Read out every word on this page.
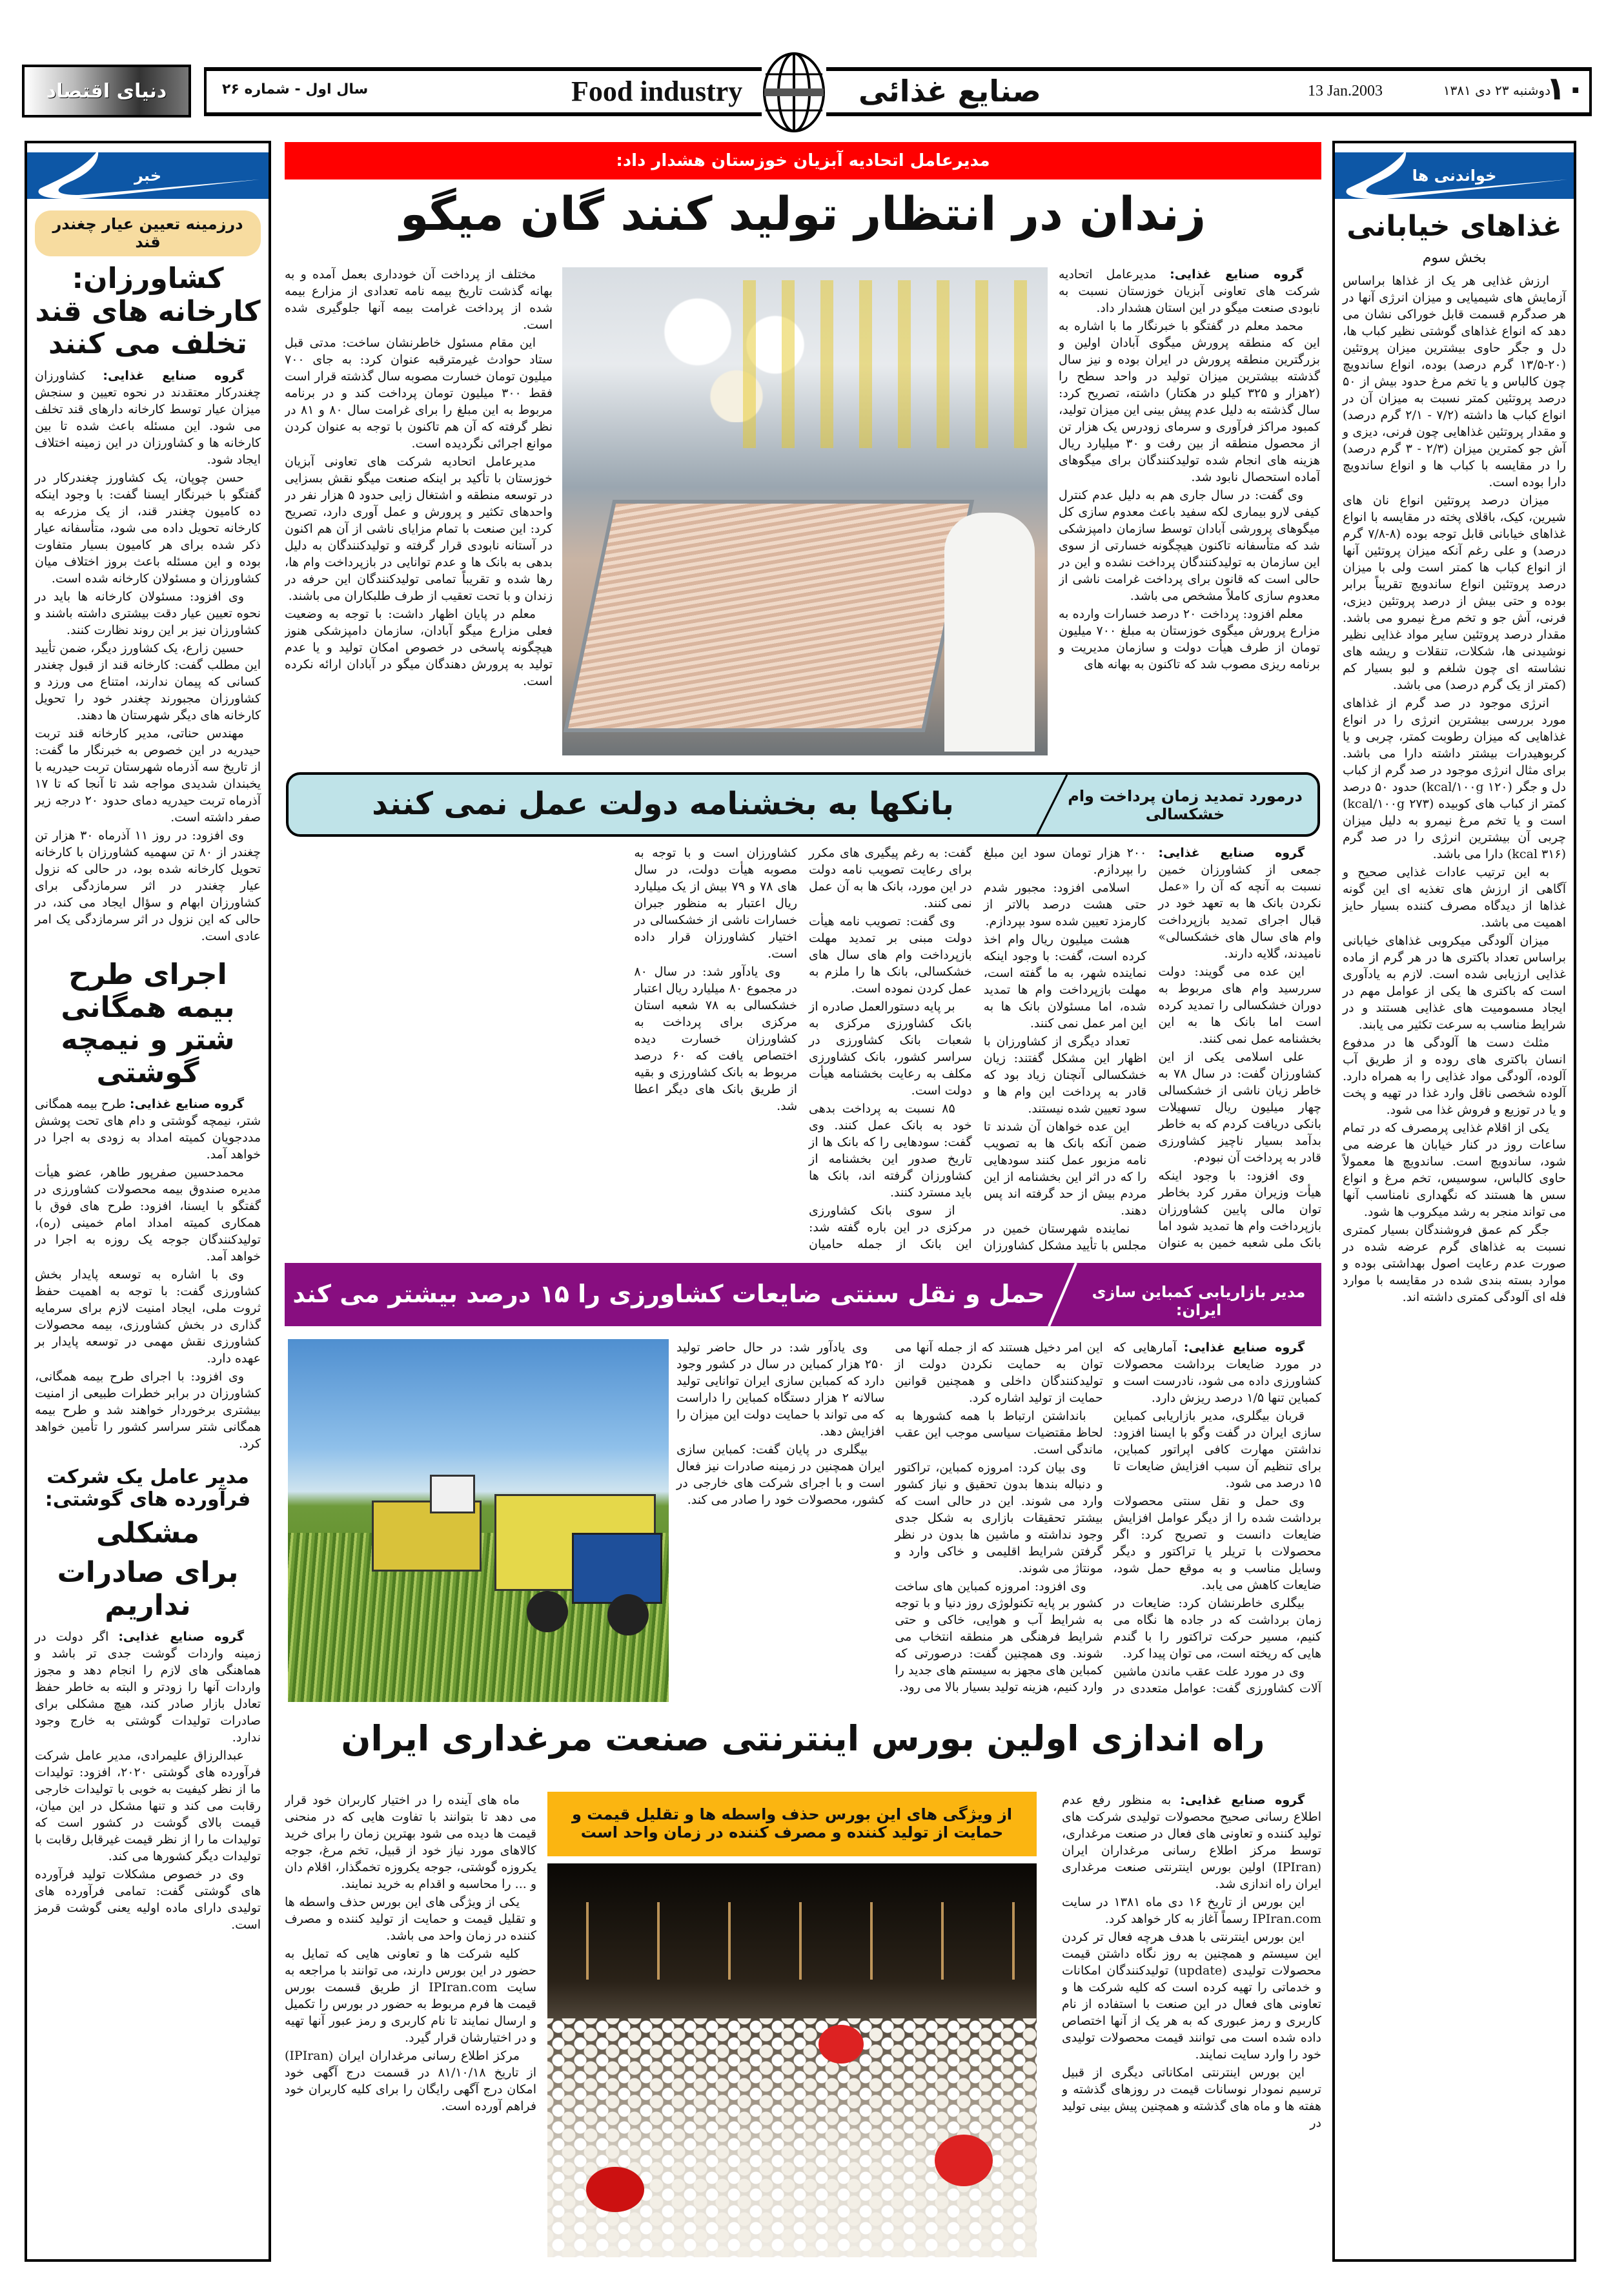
دنیای اقتصاد	سال اول - شماره ۲۶	Food industry	صنایع غذائی	13 Jan.2003	دوشنبه ۲۳ دی ۱۳۸۱
۱۰
خبر
درزمینه تعیین عیار چغندر قند
کشاورزان: کارخانه های قند تخلف می کنند

گروه صنایع غذایی: کشاورزان چغندرکار معتقدند در نحوه تعیین و سنجش میزان عیار توسط کارخانه دارهای قند تخلف می شود. این مسئله باعث شده تا بین کارخانه ها و کشاورزان در این زمینه اختلاف ایجاد شود.

حسن چوپان، یک کشاورز چغندرکار در گفتگو با خبرنگار ایسنا گفت: با وجود اینکه ده کامیون چغندر قند، از یک مزرعه به کارخانه تحویل داده می شود، متأسفانه عیار ذکر شده برای هر کامیون بسیار متفاوت بوده و این مسئله باعث بروز اختلاف میان کشاورزان و مسئولان کارخانه شده است.

وی افزود: مسئولان کارخانه ها باید در نحوه تعیین عیار دقت بیشتری داشته باشند و کشاورزان نیز بر این روند نظارت کنند.

حسین زارع، یک کشاورز دیگر، ضمن تأیید این مطلب گفت: کارخانه قند از قبول چغندر کسانی که پیمان ندارند، امتناع می ورزد و کشاورزان مجبورند چغندر خود را تحویل کارخانه های دیگر شهرستان ها دهند.

مهندس حناتی، مدیر کارخانه قند تربت حیدریه در این خصوص به خبرنگار ما گفت: از تاریخ سه آذرماه شهرستان تربت حیدریه با یخبندان شدیدی مواجه شد تا آنجا که تا ۱۷ آذرماه تربت حیدریه دمای حدود ۲۰ درجه زیر صفر داشته است.

وی افزود: در روز ۱۱ آذرماه ۳۰ هزار تن چغندر از ۸۰ تن سهمیه کشاورزان با کارخانه تحویل کارخانه شده بود، در حالی که نزول عیار چغندر در اثر سرمازدگی برای کشاورزان ابهام و سؤال ایجاد می کند، در حالی که این نزول در اثر سرمازدگی یک امر عادی است.

اجرای طرح بیمه همگانی شتر و نیمچه گوشتی

گروه صنایع غذایی: طرح بیمه همگانی شتر، نیمچه گوشتی و دام های تحت پوشش مددجویان کمیته امداد به زودی به اجرا در خواهد آمد.

محمدحسین صفرپور طاهر، عضو هیأت مدیره صندوق بیمه محصولات کشاورزی در گفتگو با ایسنا، افزود: طرح های فوق با همکاری کمیته امداد امام خمینی (ره)، تولیدکنندگان جوجه یک روزه به اجرا در خواهد آمد.

وی با اشاره به توسعه پایدار بخش کشاورزی گفت: با توجه به اهمیت حفظ ثروت ملی، ایجاد امنیت لازم برای سرمایه گذاری در بخش کشاورزی، بیمه محصولات کشاورزی نقش مهمی در توسعه پایدار بر عهده دارد.

وی افزود: با اجرای طرح بیمه همگانی، کشاورزان در برابر خطرات طبیعی از امنیت بیشتری برخوردار خواهند شد و طرح بیمه همگانی شتر سراسر کشور را تأمین خواهد کرد.

مدیر عامل یک شرکت فرآورده های گوشتی:
مشکلی
برای صادرات نداریم

گروه صنایع غذایی: اگر دولت در زمینه واردات گوشت جدی تر باشد و هماهنگی های لازم را انجام دهد و مجوز واردات آنها را زودتر و البته به خاطر حفظ تعادل بازار صادر کند، هیچ مشکلی برای صادرات تولیدات گوشتی به خارج وجود ندارد.

عبدالرزاق علیمرادی، مدیر عامل شرکت فرآورده های گوشتی ۲۰۲۰، افزود: تولیدات ما از نظر کیفیت به خوبی با تولیدات خارجی رقابت می کند و تنها مشکل در این میان، قیمت بالای گوشت در کشور است که تولیدات ما را از نظر قیمت غیرقابل رقابت با تولیدات دیگر کشورها می کند.

وی در خصوص مشکلات تولید فرآورده های گوشتی گفت: تمامی فرآورده های تولیدی دارای ماده اولیه یعنی گوشت قرمز است.

خواندنی ها
غذاهای خیابانی
بخش سوم

ارزش غذایی هر یک از غذاها براساس آزمایش های شیمیایی و میزان انرژی آنها در هر صدگرم قسمت قابل خوراکی نشان می دهد که انواع غذاهای گوشتی نظیر کباب ها، دل و جگر حاوی بیشترین میزان پروتئین (۲۰-۱۳/۵ گرم درصد) بوده، انواع ساندویچ چون کالباس و یا تخم مرغ حدود بیش از ۵۰ درصد پروتئین کمتر نسبت به میزان آن در انواع کباب ها داشته (۷/۲ - ۲/۱ گرم درصد) و مقدار پروتئین غذاهایی چون فرنی، دیزی و آش جو کمترین میزان (۲/۳ - ۳ گرم درصد) را در مقایسه با کباب ها و انواع ساندویچ دارا بوده است.

میزان درصد پروتئین انواع نان های شیرین، کیک، باقلای پخته در مقایسه با انواع غذاهای خیابانی قابل توجه بوده (۸-۷/۸ گرم درصد) و علی رغم آنکه میزان پروتئین آنها از انواع کباب ها کمتر است ولی با میزان درصد پروتئین انواع ساندویچ تقریباً برابر بوده و حتی بیش از درصد پروتئین دیزی، فرنی، آش جو و تخم مرغ نیمرو می باشد. مقدار درصد پروتئین سایر مواد غذایی نظیر نوشیدنی ها، شکلات، تنقلات و ریشه های نشاسته ای چون شلغم و لبو بسیار کم (کمتر از یک گرم درصد) می باشد.

انرژی موجود در صد گرم از غذاهای مورد بررسی بیشترین انرژی را در انواع غذاهایی که میزان رطوبت کمتر، چربی و یا کربوهیدرات بیشتر داشته دارا می باشد. برای مثال انرژی موجود در صد گرم از کباب دل و جگر (۱۲۰ kcal/۱۰۰g) حدود ۵۰ درصد کمتر از کباب های کوبیده (۲۷۳ kcal/۱۰۰g) است و یا تخم مرغ نیمرو به دلیل میزان چربی آن بیشترین انرژی را در صد گرم (۳۱۶ kcal) دارا می باشد.

به این ترتیب عادات غذایی صحیح و آگاهی از ارزش های تغذیه ای این گونه غذاها از دیدگاه مصرف کننده بسیار حایز اهمیت می باشد.

میزان آلودگی میکروبی غذاهای خیابانی براساس تعداد باکتری ها در هر گرم از ماده غذایی ارزیابی شده است. لازم به یادآوری است که باکتری ها یکی از عوامل مهم در ایجاد مسمومیت های غذایی هستند و در شرایط مناسب به سرعت تکثیر می یابند.

مثلث دست ها آلودگی ها در مدفوع انسان باکتری های روده و از طریق آب آلوده، آلودگی مواد غذایی را به همراه دارد. آلوده شخصی ناقل وارد غذا در تهیه و پخت و یا در توزیع و فروش غذا می شود.

یکی از اقلام غذایی پرمصرف که در تمام ساعات روز در کنار خیابان ها عرضه می شود، ساندویچ است. ساندویچ ها معمولاً حاوی کالباس، سوسیس، تخم مرغ و انواع سس ها هستند که نگهداری نامناسب آنها می تواند منجر به رشد میکروب ها شود.

جگر کم عمق فروشندگان بسیار کمتری نسبت به غذاهای گرم عرضه شده در صورت عدم رعایت اصول بهداشتی بوده و موارد بسته بندی شده در مقایسه با موارد فله ای آلودگی کمتری داشته اند.

مدیرعامل اتحادیه آبزیان خوزستان هشدار داد:
زندان در انتظار تولید کنند گان میگو

گروه صنایع غذایی: مدیرعامل اتحادیه شرکت های تعاونی آبزیان خوزستان نسبت به نابودی صنعت میگو در این استان هشدار داد.

محمد معلم در گفتگو با خبرنگار ما با اشاره به این که منطقه پرورش میگوی آبادان اولین و بزرگترین منطقه پرورش در ایران بوده و نیز سال گذشته بیشترین میزان تولید در واحد سطح را (۲هزار و ۳۲۵ کیلو در هکتار) داشته، تصریح کرد: سال گذشته به دلیل عدم پیش بینی این میزان تولید، کمبود مراکز فرآوری و سرمای زودرس یک هزار تن از محصول منطقه از بین رفت و ۳۰ میلیارد ریال هزینه های انجام شده تولیدکنندگان برای میگوهای آماده استحصال نابود شد.

وی گفت: در سال جاری هم به دلیل عدم کنترل کیفی لارو بیماری لکه سفید باعث معدوم سازی کل میگوهای پرورشی آبادان توسط سازمان دامپزشکی شد که متأسفانه تاکنون هیچگونه خسارتی از سوی این سازمان به تولیدکنندگان پرداخت نشده و این در حالی است که قانون برای پرداخت غرامت ناشی از معدوم سازی کاملاً مشخص می باشد.

معلم افزود: پرداخت ۲۰ درصد خسارات وارده به مزارع پرورش میگوی خوزستان به مبلغ ۷۰۰ میلیون تومان از طرف هیأت دولت و سازمان مدیریت و برنامه ریزی مصوب شد که تاکنون به بهانه های

مختلف از پرداخت آن خودداری بعمل آمده و به بهانه گذشت تاریخ بیمه نامه تعدادی از مزارع بیمه شده از پرداخت غرامت بیمه آنها جلوگیری شده است.

این مقام مسئول خاطرنشان ساخت: مدتی قبل ستاد حوادث غیرمترقبه عنوان کرد: به جای ۷۰۰ میلیون تومان خسارت مصوبه سال گذشته قرار است فقط ۳۰۰ میلیون تومان پرداخت کند و در برنامه مربوط به این مبلغ را برای غرامت سال ۸۰ و ۸۱ در نظر گرفته که آن هم تاکنون با توجه به عنوان کردن موانع اجرائی نگردیده است.

مدیرعامل اتحادیه شرکت های تعاونی آبزیان خوزستان با تأکید بر اینکه صنعت میگو نقش بسزایی در توسعه منطقه و اشتغال زایی حدود ۵ هزار نفر در واحدهای تکثیر و پرورش و عمل آوری دارد، تصریح کرد: این صنعت با تمام مزایای ناشی از آن هم اکنون در آستانه نابودی قرار گرفته و تولیدکنندگان به دلیل بدهی به بانک ها و عدم توانایی در بازپرداخت وام ها، رها شده و تقریباً تمامی تولیدکنندگان این حرفه در زندان و با تحت تعقیب از طرف طلبکاران می باشند.

معلم در پایان اظهار داشت: با توجه به وضعیت فعلی مزارع میگو آبادان، سازمان دامپزشکی هنوز هیچگونه پاسخی در خصوص امکان تولید و یا عدم تولید به پرورش دهندگان میگو در آبادان ارائه نکرده است.

درمورد تمدید زمان پرداخت وام خشکسالی
بانکها به بخشنامه دولت عمل نمی کنند

گروه صنایع غذایی: جمعی از کشاورزان خمین نسبت به آنچه که آن را «عمل نکردن بانک ها به تعهد خود در قبال اجرای تمدید بازپرداخت وام های سال های خشکسالی» نامیدند، گلایه دارند.

این عده می گویند: دولت سررسید وام های مربوط به دوران خشکسالی را تمدید کرده است اما بانک ها به این بخشنامه عمل نمی کنند.

علی اسلامی یکی از این کشاورزان گفت: در سال ۷۸ به خاطر زیان ناشی از خشکسالی چهار میلیون ریال تسهیلات بانکی دریافت کردم که به خاطر بدآمد بسیار ناچیز کشاورزی قادر به پرداخت آن نبودم.

وی افزود: با وجود اینکه هیأت وزیران مقرر کرد بخاطر توان مالی پایین کشاورزان بازپرداخت وام ها تمدید شود اما بانک ملی شعبه خمین به عنوان ۲۰۰ هزار تومان سود این مبلغ را بپردازم.

اسلامی افزود: مجبور شدم حتی هشت درصد بالاتر از کارمزد تعیین شده سود بپردازم.

هشت میلیون ریال وام اخذ کرده است، گفت: با وجود اینکه نماینده شهر، به ما گفته است، مهلت بازپرداخت وام ها تمدید شده، اما مسئولان بانک ها به این امر عمل نمی کنند.

تعداد دیگری از کشاورزان با اظهار این مشکل گفتند: زیان خشکسالی آنچنان زیاد بود که قادر به پرداخت این وام ها و سود تعیین شده نیستند.

این عده خواهان آن شدند تا ضمن آنکه بانک ها به تصویب نامه مزبور عمل کنند سودهایی را که در اثر این بخشنامه از این مردم بیش از حد گرفته اند پس دهند.

نماینده شهرستان خمین در مجلس با تأیید مشکل کشاورزان گفت: به رغم پیگیری های مکرر برای رعایت تصویب نامه دولت در این مورد، بانک ها به آن عمل نمی کنند.

وی گفت: تصویب نامه هیأت دولت مبنی بر تمدید مهلت بازپرداخت وام های سال های خشکسالی، بانک ها را ملزم به عمل کردن نموده است.

بر پایه دستورالعمل صادره از بانک کشاورزی مرکزی به شعبات بانک کشاورزی در سراسر کشور، بانک کشاورزی مکلف به رعایت بخشنامه هیأت دولت است.

۸۵ نسبت به پرداخت بدهی خود به بانک عمل کنند. وی گفت: سودهایی را که بانک ها از تاریخ صدور این بخشنامه از کشاورزان گرفته اند، بانک ها باید مسترد کنند.

از سوی بانک کشاورزی مرکزی در این باره گفته شد: این بانک از جمله حامیان کشاورزان است و با توجه به مصوبه هیأت دولت، در سال های ۷۸ و ۷۹ بیش از یک میلیارد ریال اعتبار به منظور جبران خسارات ناشی از خشکسالی در اختیار کشاورزان قرار داده است.

وی یادآور شد: در سال ۸۰ در مجموع ۸۰ میلیارد ریال اعتبار خشکسالی به ۷۸ شعبه استان مرکزی برای پرداخت به کشاورزان خسارت دیده اختصاص یافت که ۶۰ درصد مربوط به بانک کشاورزی و بقیه از طریق بانک های دیگر اعطا شد.

مدیر بازاریابی کمباین سازی ایران:
حمل و نقل سنتی ضایعات کشاورزی را ۱۵ درصد بیشتر می کند

گروه صنایع غذایی: آمارهایی که در مورد ضایعات برداشت محصولات کشاورزی داده می شود، نادرست است و کمباین تنها ۱/۵ درصد ریزش دارد.

قربان بیگلری، مدیر بازاریابی کمباین سازی ایران در گفت وگو با ایسنا افزود: نداشتن مهارت کافی اپراتور کمباین، برای تنظیم آن سبب افزایش ضایعات تا ۱۵ درصد می شود.

وی حمل و نقل سنتی محصولات برداشت شده را از دیگر عوامل افزایش ضایعات دانست و تصریح کرد: اگر محصولات با تریلر یا تراکتور و دیگر وسایل مناسب و به موقع حمل شود، ضایعات کاهش می یابد.

بیگلری خاطرنشان کرد: ضایعات در زمان برداشت که در جاده ها نگاه می کنیم، مسیر حرکت تراکتور را با گندم هایی که ریخته است، می توان پیدا کرد.

وی در مورد علت عقب ماندن ماشین آلات کشاورزی گفت: عوامل متعددی در این امر دخیل هستند که از جمله آنها می توان به حمایت نکردن دولت از تولیدکنندگان داخلی و همچنین قوانین حمایت از تولید اشاره کرد.

بانداشتن ارتباط با همه کشورها به لحاظ مقتضیات سیاسی موجب این عقب ماندگی است.

وی بیان کرد: امروزه کمباین، تراکتور و دنباله بندها بدون تحقیق و نیاز کشور وارد می شوند. این در حالی است که بیشتر تحقیقات بازاری به شکل جدی وجود نداشته و ماشین ها بدون در نظر گرفتن شرایط اقلیمی و خاکی وارد و مونتاژ می شوند.

وی افزود: امروزه کمباین های ساخت کشور بر پایه تکنولوژی روز دنیا و با توجه به شرایط آب و هوایی، خاکی و حتی شرایط فرهنگی هر منطقه انتخاب می شوند. وی همچنین گفت: درصورتی که کمباین های مجهز به سیستم های جدید را وارد کنیم، هزینه تولید بسیار بالا می رود.

وی یادآور شد: در حال حاضر تولید ۲۵۰ هزار کمباین در سال در کشور وجود دارد که کمباین سازی ایران توانایی تولید سالانه ۲ هزار دستگاه کمباین را داراست که می تواند با حمایت دولت این میزان را افزایش دهد.

بیگلری در پایان گفت: کمباین سازی ایران همچنین در زمینه صادرات نیز فعال است و با اجرای شرکت های خارجی در کشور، محصولات خود را صادر می کند.

راه اندازی اولین بورس اینترنتی صنعت مرغداری ایران

گروه صنایع غذایی: به منظور رفع عدم اطلاع رسانی صحیح محصولات تولیدی شرکت های تولید کننده و تعاونی های فعال در صنعت مرغداری، توسط مرکز اطلاع رسانی مرغداران ایران (IPIran) اولین بورس اینترنتی صنعت مرغداری ایران راه اندازی شد.

این بورس از تاریخ ۱۶ دی ماه ۱۳۸۱ در سایت IPIran.com رسماً آغاز به کار خواهد کرد.

این بورس اینترنتی با هدف هرچه فعال تر کردن این سیستم و همچنین به روز نگاه داشتن قیمت محصولات تولیدی (update) تولیدکنندگان امکانات و خدماتی را تهیه کرده است که کلیه شرکت ها و تعاونی های فعال در این صنعت با استفاده از نام کاربری و رمز عبوری که به هر یک از آنها اختصاص داده شده است می توانند قیمت محصولات تولیدی خود را وارد سایت نمایند.

این بورس اینترنتی امکاناتی دیگری از قبیل ترسیم نمودار نوسانات قیمت در روزهای گذشته و هفته ها و ماه های گذشته و همچنین پیش بینی تولید در

از ویژگی های این بورس حذف واسطه ها و تقلیل قیمت و حمایت از تولید کننده و مصرف کننده در زمان واحد است

ماه های آینده را در اختیار کاربران خود قرار می دهد تا بتوانند با تفاوت هایی که در منحنی قیمت ها دیده می شود بهترین زمان را برای خرید کالاهای مورد نیاز خود از قبیل، تخم مرغ، جوجه یکروزه گوشتی، جوجه یکروزه تخمگذار، اقلام دان و ... را محاسبه و اقدام به خرید نمایند.

یکی از ویژگی های این بورس حذف واسطه ها و تقلیل قیمت و حمایت از تولید کننده و مصرف کننده در زمان واحد می باشد.

کلیه شرکت ها و تعاونی هایی که تمایل به حضور در این بورس دارند، می توانند با مراجعه به سایت IPIran.com از طریق قسمت بورس قیمت ها فرم مربوط به حضور در بورس را تکمیل و ارسال نمایند تا نام کاربری و رمز عبور آنها تهیه و در اختیارشان قرار گیرد.

مرکز اطلاع رسانی مرغداران ایران (IPIran) از تاریخ ۸۱/۱۰/۱۸ در قسمت درج آگهی خود امکان درج آگهی رایگان را برای کلیه کاربران خود فراهم آورده است.
